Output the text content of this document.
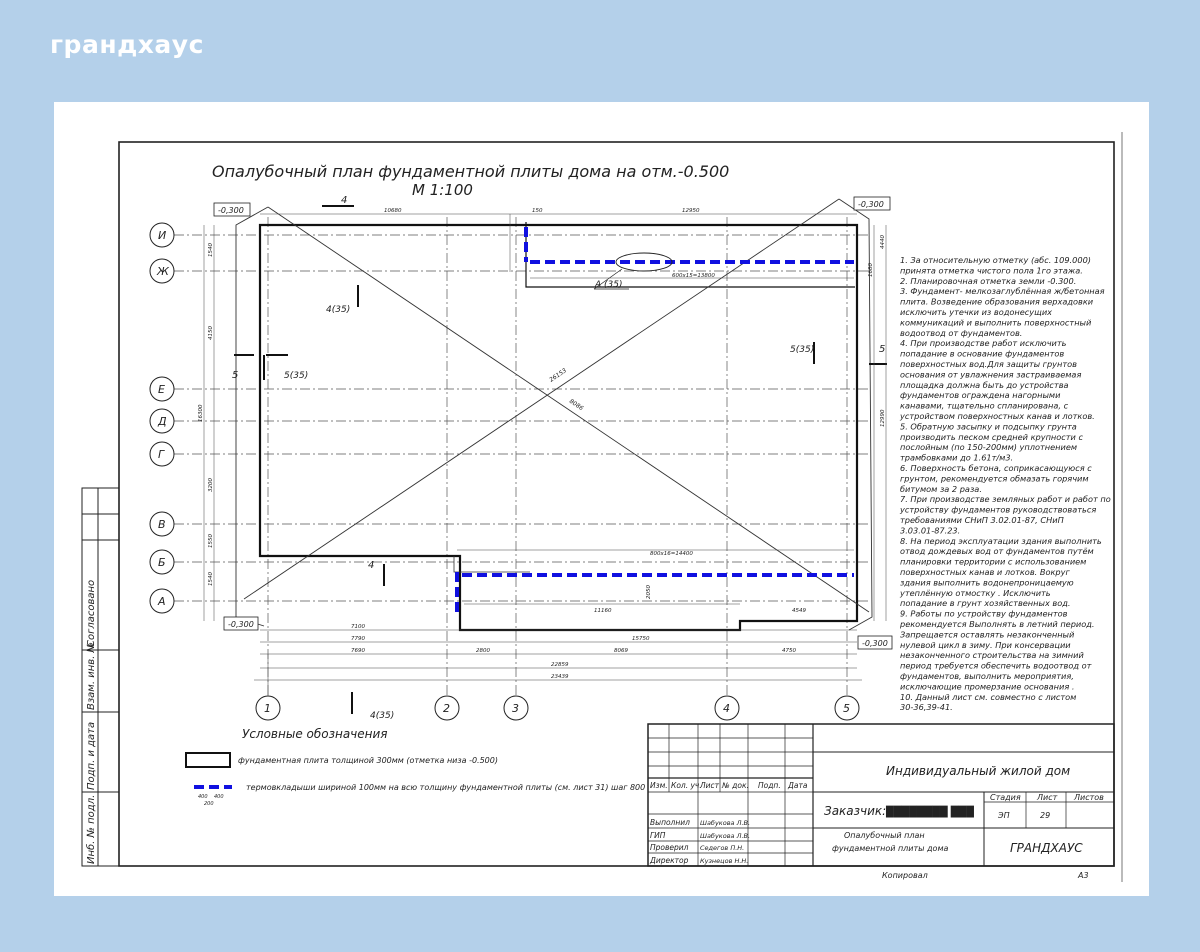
грандхаус
Опалубочный план фундаментной плиты дома на отм.-0.500
М 1:100
26153
8086
И
Ж
Е
Д
Г
В
Б
А
1	2	3	4	5
-0,300
-0,300
-0,300
-0,300
4
4(35)
5	5(35)
5(35)	5
4
4(35)
А (35)
10680	150	12950
7100
7790	15750
7690	2800	8069	4750
22859
23439
1540
4150
3200
1550
1540
16300
1680
4440
12990
600х15=13800
800х16=14400
11160	4549
2050
1. За относительную отметку (абс. 109.000)
принята отметка чистого пола 1го этажа.
2. Планировочная отметка земли -0.300.
3. Фундамент- мелкозаглублённая ж/бетонная
плита. Возведение образования верхадовки
исключить утечки из водонесущих
коммуникаций и выполнить поверхностный
водоотвод от фундаментов.
4. При производстве работ исключить
попадание в основание фундаментов
поверхностных вод.Для защиты грунтов
основания от увлажнения застраиваемая
площадка должна быть до устройства
фундаментов ограждена нагорными
канавами, тщательно спланирована, с
устройством поверхностных канав и лотков.
5. Обратную засыпку и подсыпку грунта
производить песком средней крупности с
послойным (по 150-200мм) уплотнением
трамбовками до 1.61т/м3.
6. Поверхность бетона, соприкасающуюся с
грунтом, рекомендуется обмазать горячим
битумом за 2 раза.
7. При производстве земляных работ и работ по
устройству фундаментов руководствоваться
требованиями СНиП 3.02.01-87, СНиП
3.03.01-87.23.
8. На период эксплуатации здания выполнить
отвод дождевых вод от фундаментов путём
планировки территории с использованием
поверхностных канав и лотков. Вокруг
здания выполнить водонепроницаемую
утеплённую отмостку . Исключить
попадание в грунт хозяйственных вод.
9. Работы по устройству фундаментов
рекомендуется Выполнять в летний период.
Запрещается оставлять незаконченный
нулевой цикл в зиму. При консервации
незаконченного строительства на зимний
период требуется обеспечить водоотвод от
фундаментов, выполнить мероприятия,
исключающие промерзание основания .
10. Данный лист см. совместно с листом
30-36,39-41.
Условные обозначения
фундаментная плита толщиной 300мм (отметка низа -0.500)
термовкладыши шириной 100мм на всю толщину фундаментной плиты (см. лист 31) шаг 800
400 400
200
Согласовано
Взам. инв. №
Подп. и дата
Инб. № подл.
Индивидуальный жилой дом
Заказчик: ████████ ███
Изм. Кол. уч.
Лист № док. Подп. Дата
Стадия Лист Листов
ЭП	29
Опалубочный план
фундаментной плиты дома	ГРАНДХАУС
Выполнил Шабукова Л.В.
ГИП	Шабукова Л.В.
Проверил Седегов П.Н.
Директор Кузнецов Н.Н.
Копировал	А3
